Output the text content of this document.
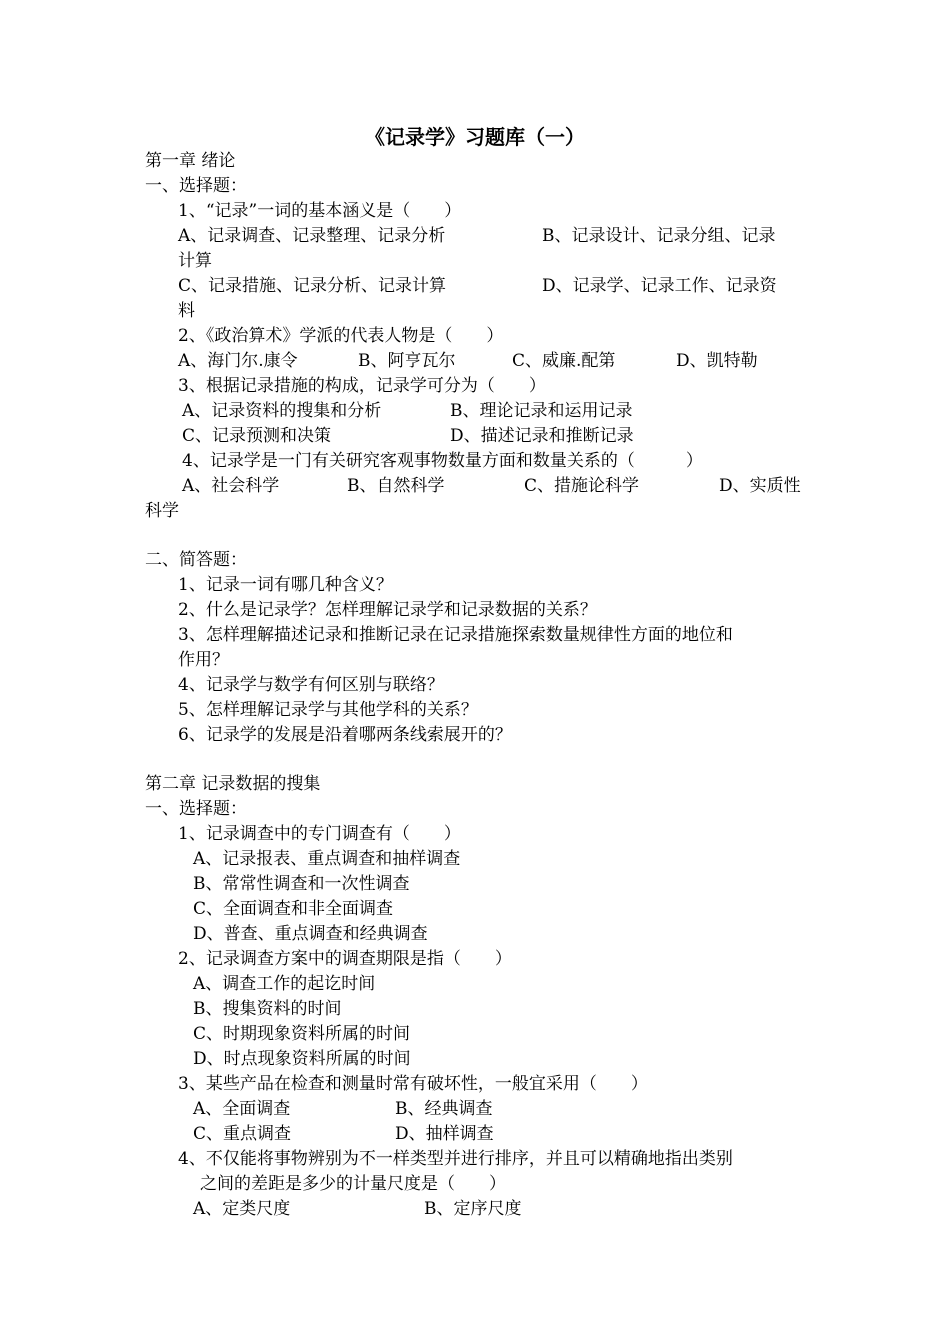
《记录学》习题库（一）
第一章 绪论
一、选择题：
1、“记录”一词的基本涵义是（　　）
A、记录调查、记录整理、记录分析	B、记录设计、记录分组、记录
计算
C、记录措施、记录分析、记录计算	D、记录学、记录工作、记录资
料
2、《政治算术》学派的代表人物是（　　）
A、海门尔.康令	B、阿亨瓦尔	C、威廉.配第	D、凯特勒
3、根据记录措施的构成，记录学可分为（　　）
A、记录资料的搜集和分析	B、理论记录和运用记录
C、记录预测和决策	D、描述记录和推断记录
4、记录学是一门有关研究客观事物数量方面和数量关系的（　　　）
A、社会科学	B、自然科学	C、措施论科学	D、实质性
科学
二、简答题：
1、记录一词有哪几种含义？
2、什么是记录学？怎样理解记录学和记录数据的关系？
3、怎样理解描述记录和推断记录在记录措施探索数量规律性方面的地位和
作用？
4、记录学与数学有何区别与联络？
5、怎样理解记录学与其他学科的关系？
6、记录学的发展是沿着哪两条线索展开的？
第二章 记录数据的搜集
一、选择题：
1、记录调查中的专门调查有（　　）
A、记录报表、重点调查和抽样调查
B、常常性调查和一次性调查
C、全面调查和非全面调查
D、普查、重点调查和经典调查
2、记录调查方案中的调查期限是指（　　）
A、调查工作的起讫时间
B、搜集资料的时间
C、时期现象资料所属的时间
D、时点现象资料所属的时间
3、某些产品在检查和测量时常有破坏性，一般宜采用（　　）
A、全面调查	B、经典调查
C、重点调查	D、抽样调查
4、不仅能将事物辨别为不一样类型并进行排序，并且可以精确地指出类别
之间的差距是多少的计量尺度是（　　）
A、定类尺度	B、定序尺度
